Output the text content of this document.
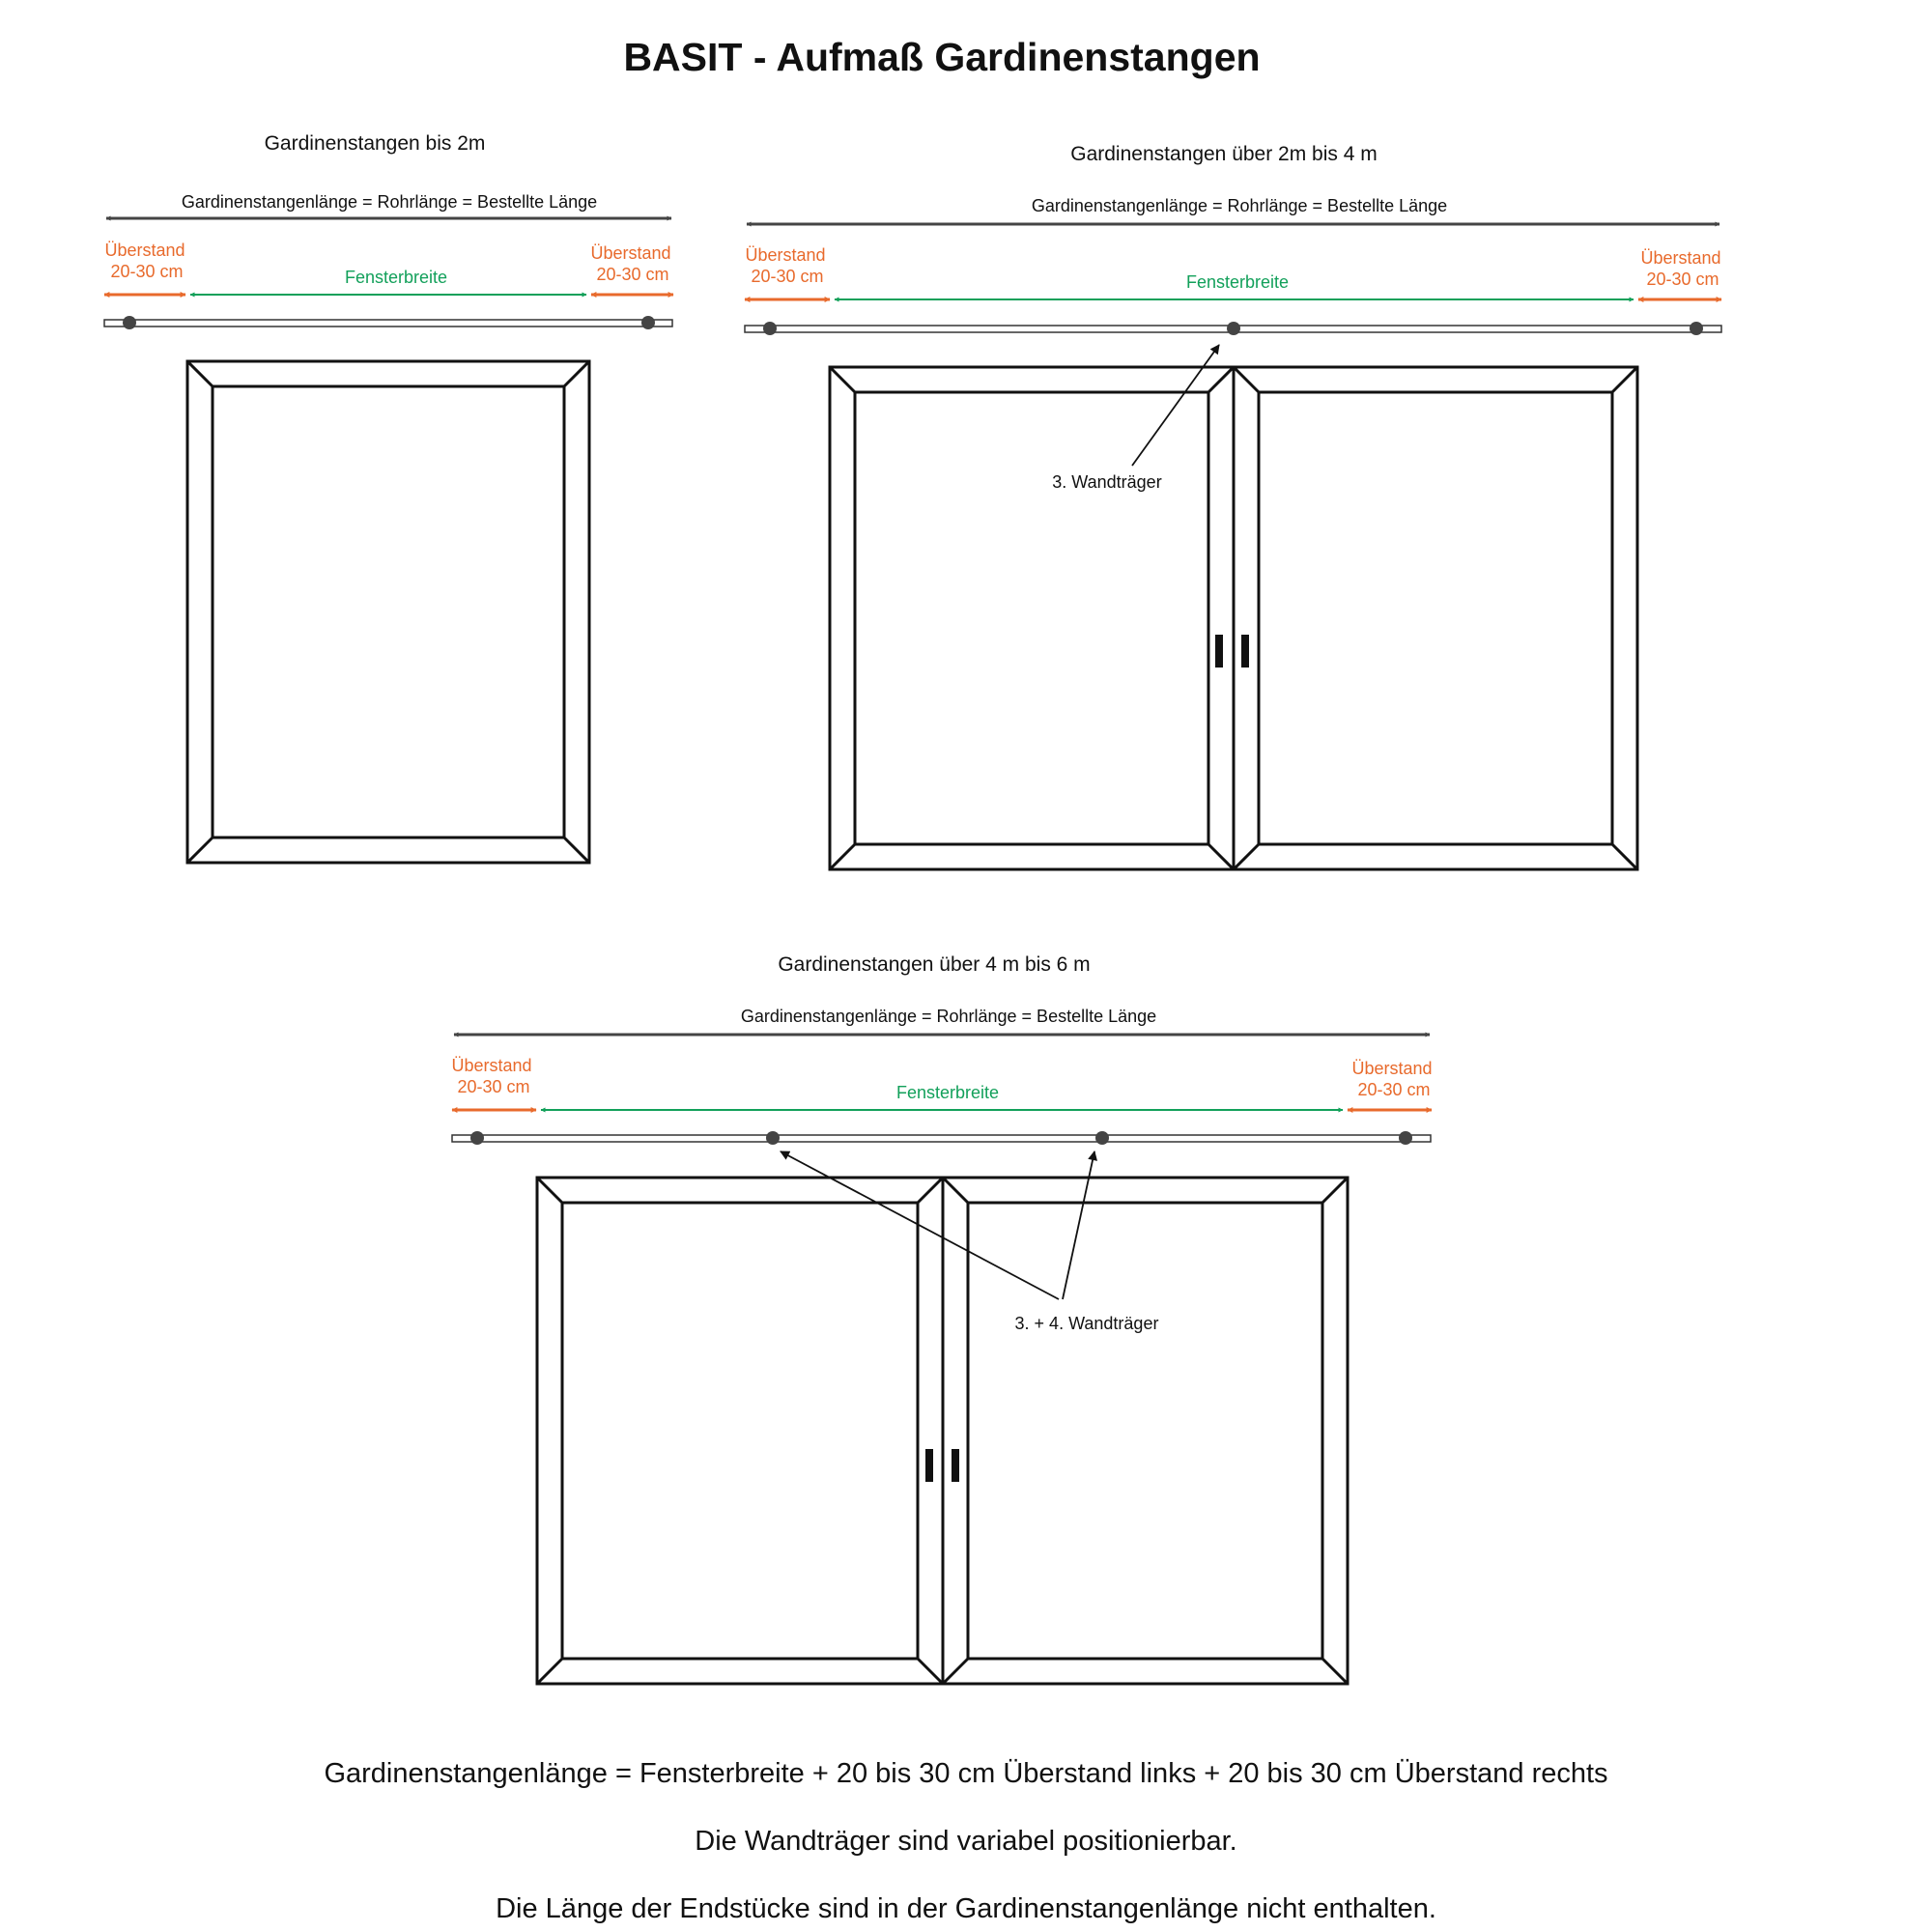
BASIT - Aufmaß Gardinenstangen
Gardinenstangen bis 2m
Gardinenstangenlänge = Rohrlänge = Bestellte Länge
Überstand
20-30 cm
Überstand
20-30 cm
Fensterbreite
Gardinenstangen über 2m bis 4 m
Gardinenstangenlänge = Rohrlänge = Bestellte Länge
Überstand
20-30 cm
Überstand
20-30 cm
Fensterbreite
3. Wandträger
Gardinenstangen über 4 m bis 6 m
Gardinenstangenlänge = Rohrlänge = Bestellte Länge
Überstand
20-30 cm
Überstand
20-30 cm
Fensterbreite
3. + 4. Wandträger
Gardinenstangenlänge = Fensterbreite + 20 bis 30 cm Überstand links + 20 bis 30 cm Überstand rechts
Die Wandträger sind variabel positionierbar.
Die Länge der Endstücke sind in der Gardinenstangenlänge nicht enthalten.
